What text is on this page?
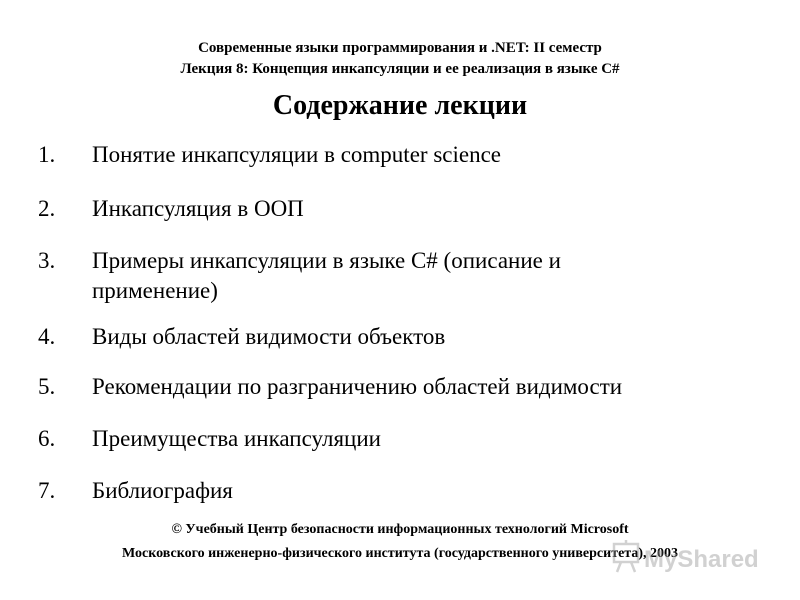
Современные языки программирования и .NET: II семестр
Лекция 8: Концепция инкапсуляции и ее реализация в языке C#
Содержание лекции
1.	Понятие инкапсуляции в computer science
2.	Инкапсуляция в ООП
3.	Примеры инкапсуляции в языке C# (описание и применение)
4.	Виды областей видимости объектов
5.	Рекомендации по разграничению областей видимости
6.	Преимущества инкапсуляции
7.	Библиография
© Учебный Центр безопасности информационных технологий Microsoft
Московского инженерно-физического института (государственного университета), 2003
MyShared
